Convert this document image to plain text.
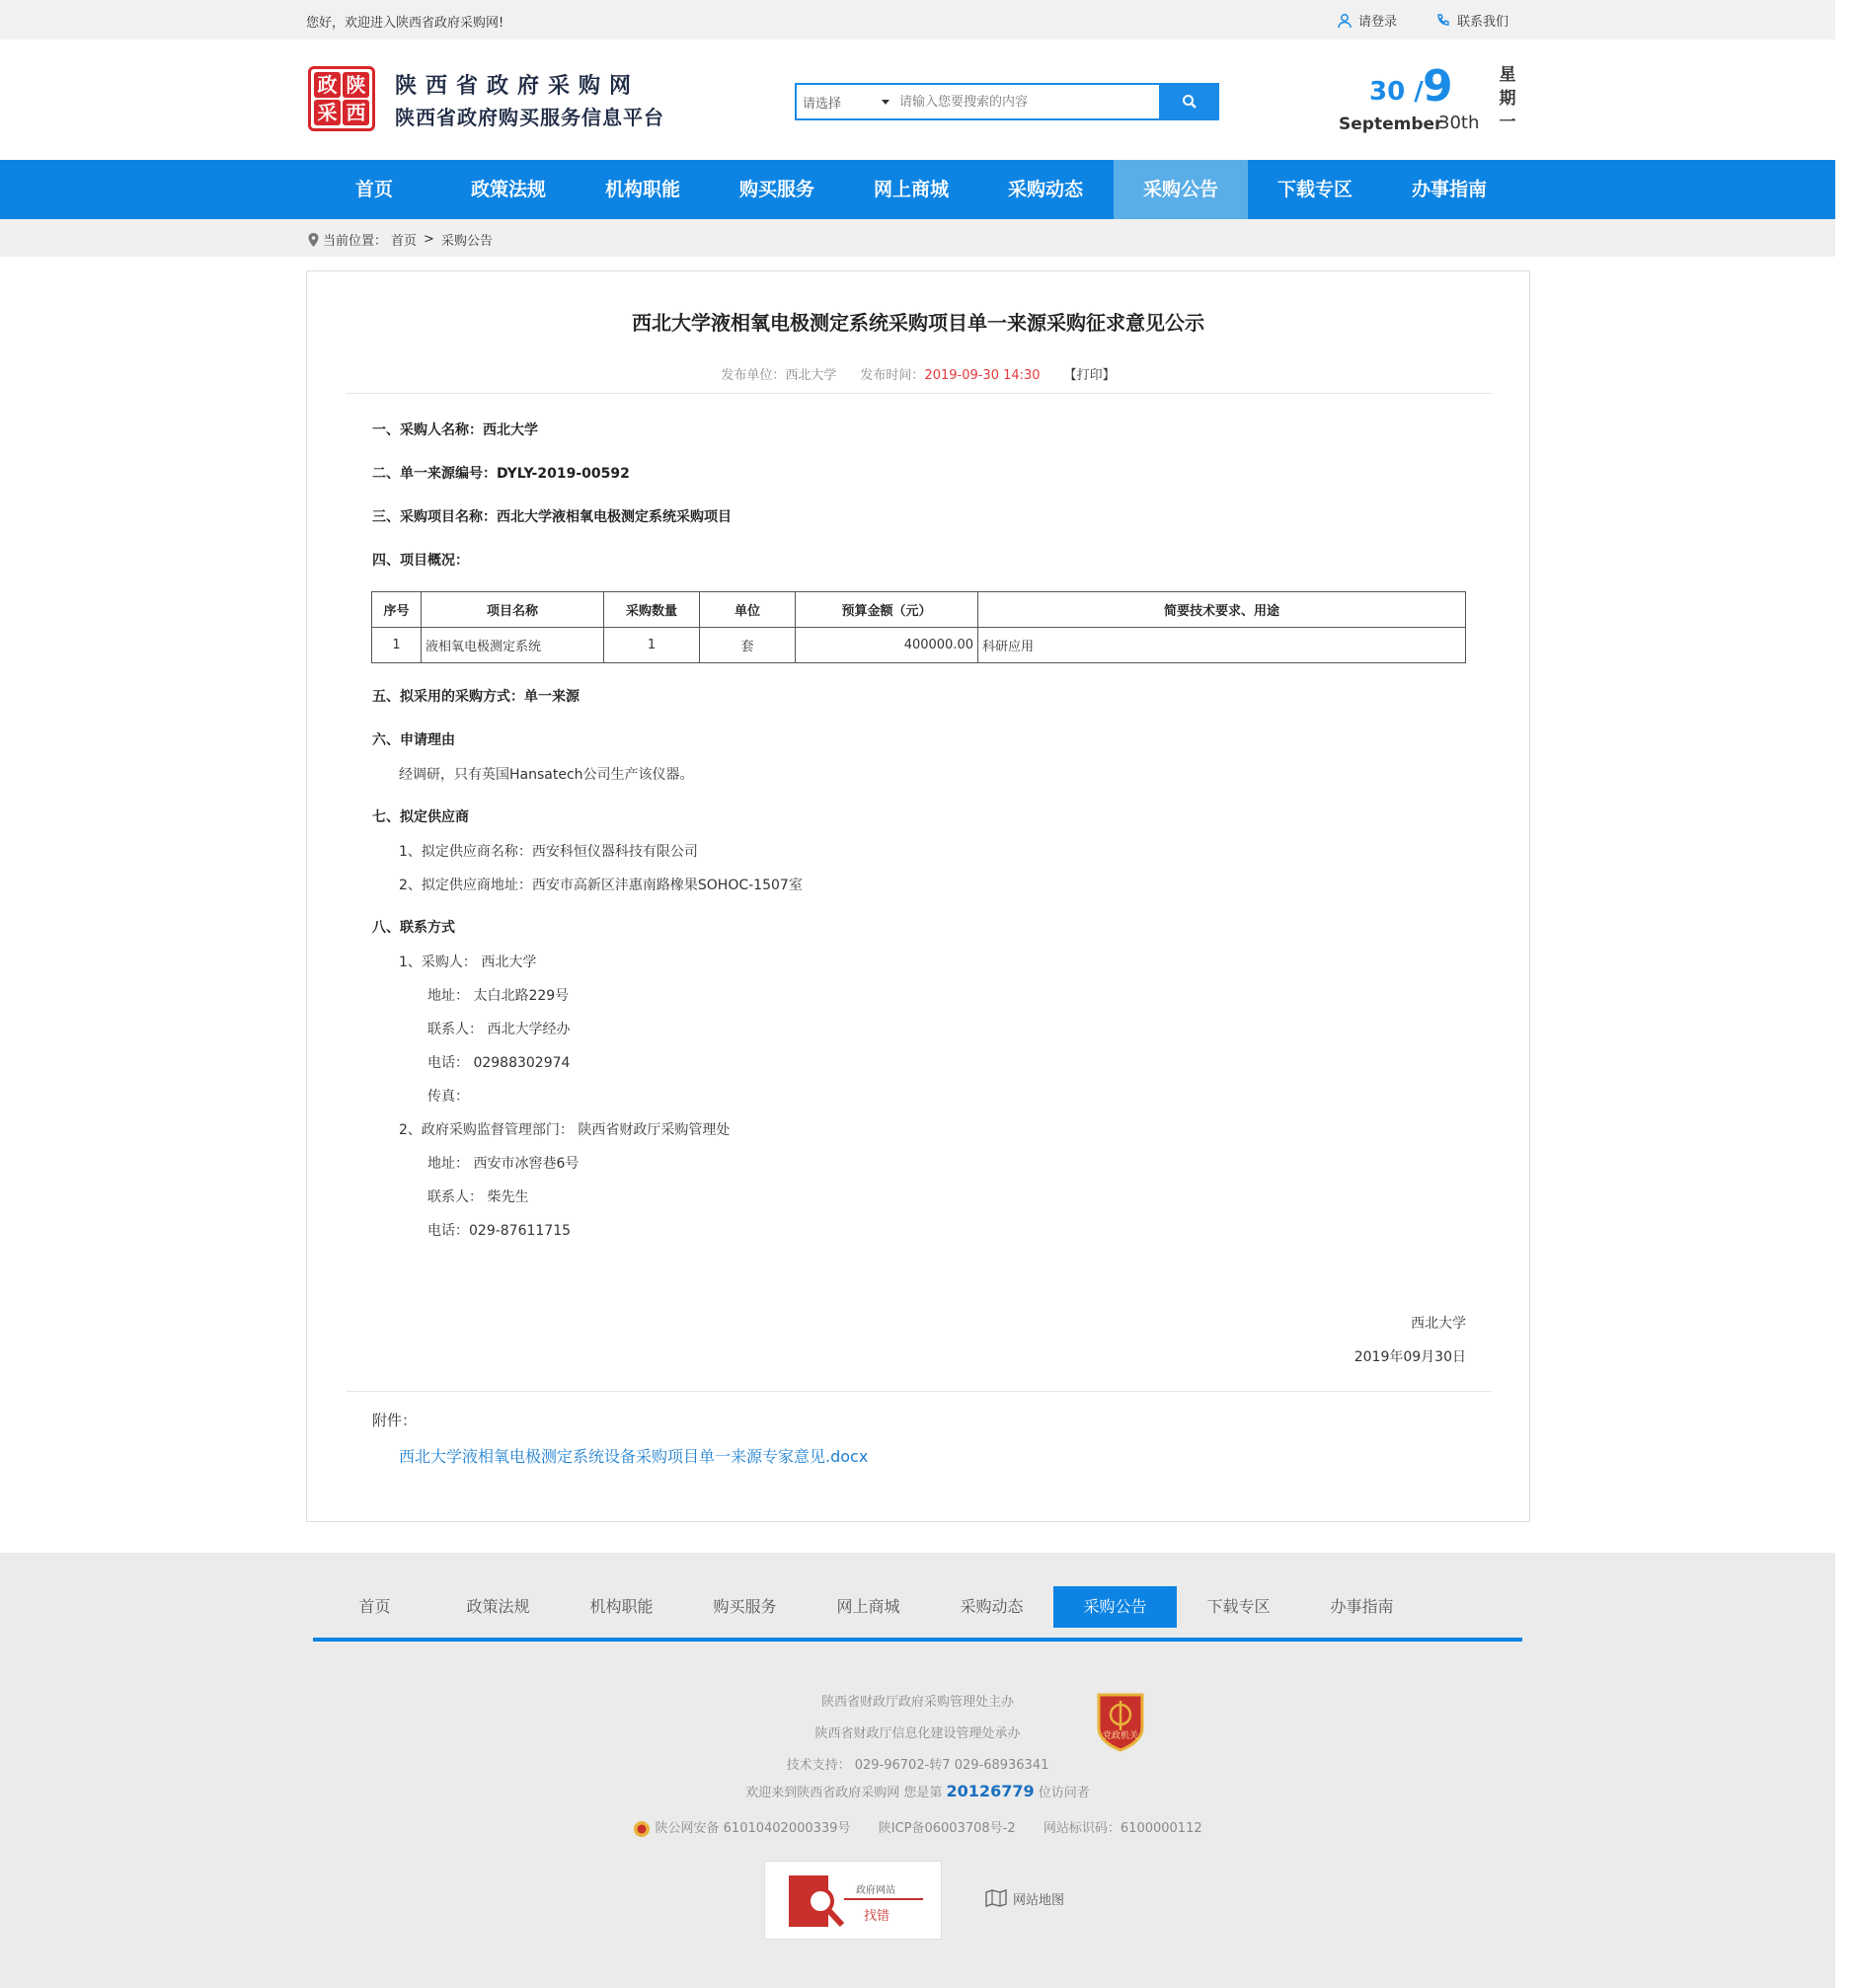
您好，欢迎进入陕西省政府采购网!	请登录	联系我们
政 陕
采 西
陕西省政府采购网
陕西省政府购买服务信息平台
请选择
请输入您要搜索的内容	30 / 9
September
30th
星
期
一
首页	政策法规	机构职能	购买服务	网上商城	采购动态	采购公告	下载专区	办事指南
当前位置： 首页 > 采购公告
西北大学液相氧电极测定系统采购项目单一来源采购征求意见公示
发布单位：西北大学 发布时间：2019-09-30 14:30 【打印】
一、采购人名称：西北大学
二、单一来源编号：DYLY-2019-00592
三、采购项目名称：西北大学液相氧电极测定系统采购项目
四、项目概况：
序号	项目名称	采购数量	单位	预算金额（元）	简要技术要求、用途
1	液相氧电极测定系统	1	套	400000.00	科研应用
五、拟采用的采购方式：单一来源
六、申请理由
经调研，只有英国Hansatech公司生产该仪器。
七、拟定供应商
1、拟定供应商名称：西安科恒仪器科技有限公司
2、拟定供应商地址：西安市高新区沣惠南路橡果SOHOC-1507室
八、联系方式
1、采购人： 西北大学
地址： 太白北路229号
联系人： 西北大学经办
电话： 02988302974
传真：
2、政府采购监督管理部门： 陕西省财政厅采购管理处
地址： 西安市冰窖巷6号
联系人： 柴先生
电话：029-87611715
西北大学
2019年09月30日
附件：
西北大学液相氧电极测定系统设备采购项目单一来源专家意见.docx
首页	政策法规	机构职能	购买服务	网上商城	采购动态	采购公告	下载专区	办事指南
陕西省财政厅政府采购管理处主办
陕西省财政厅信息化建设管理处承办
技术支持： 029-96702-转7 029-68936341
欢迎来到陕西省政府采购网 您是第 20126779 位访问者
陕公网安备 61010402000339号 陕ICP备06003708号-2 网站标识码：6100000112
党政机关
政府网站
找错
网站地图
